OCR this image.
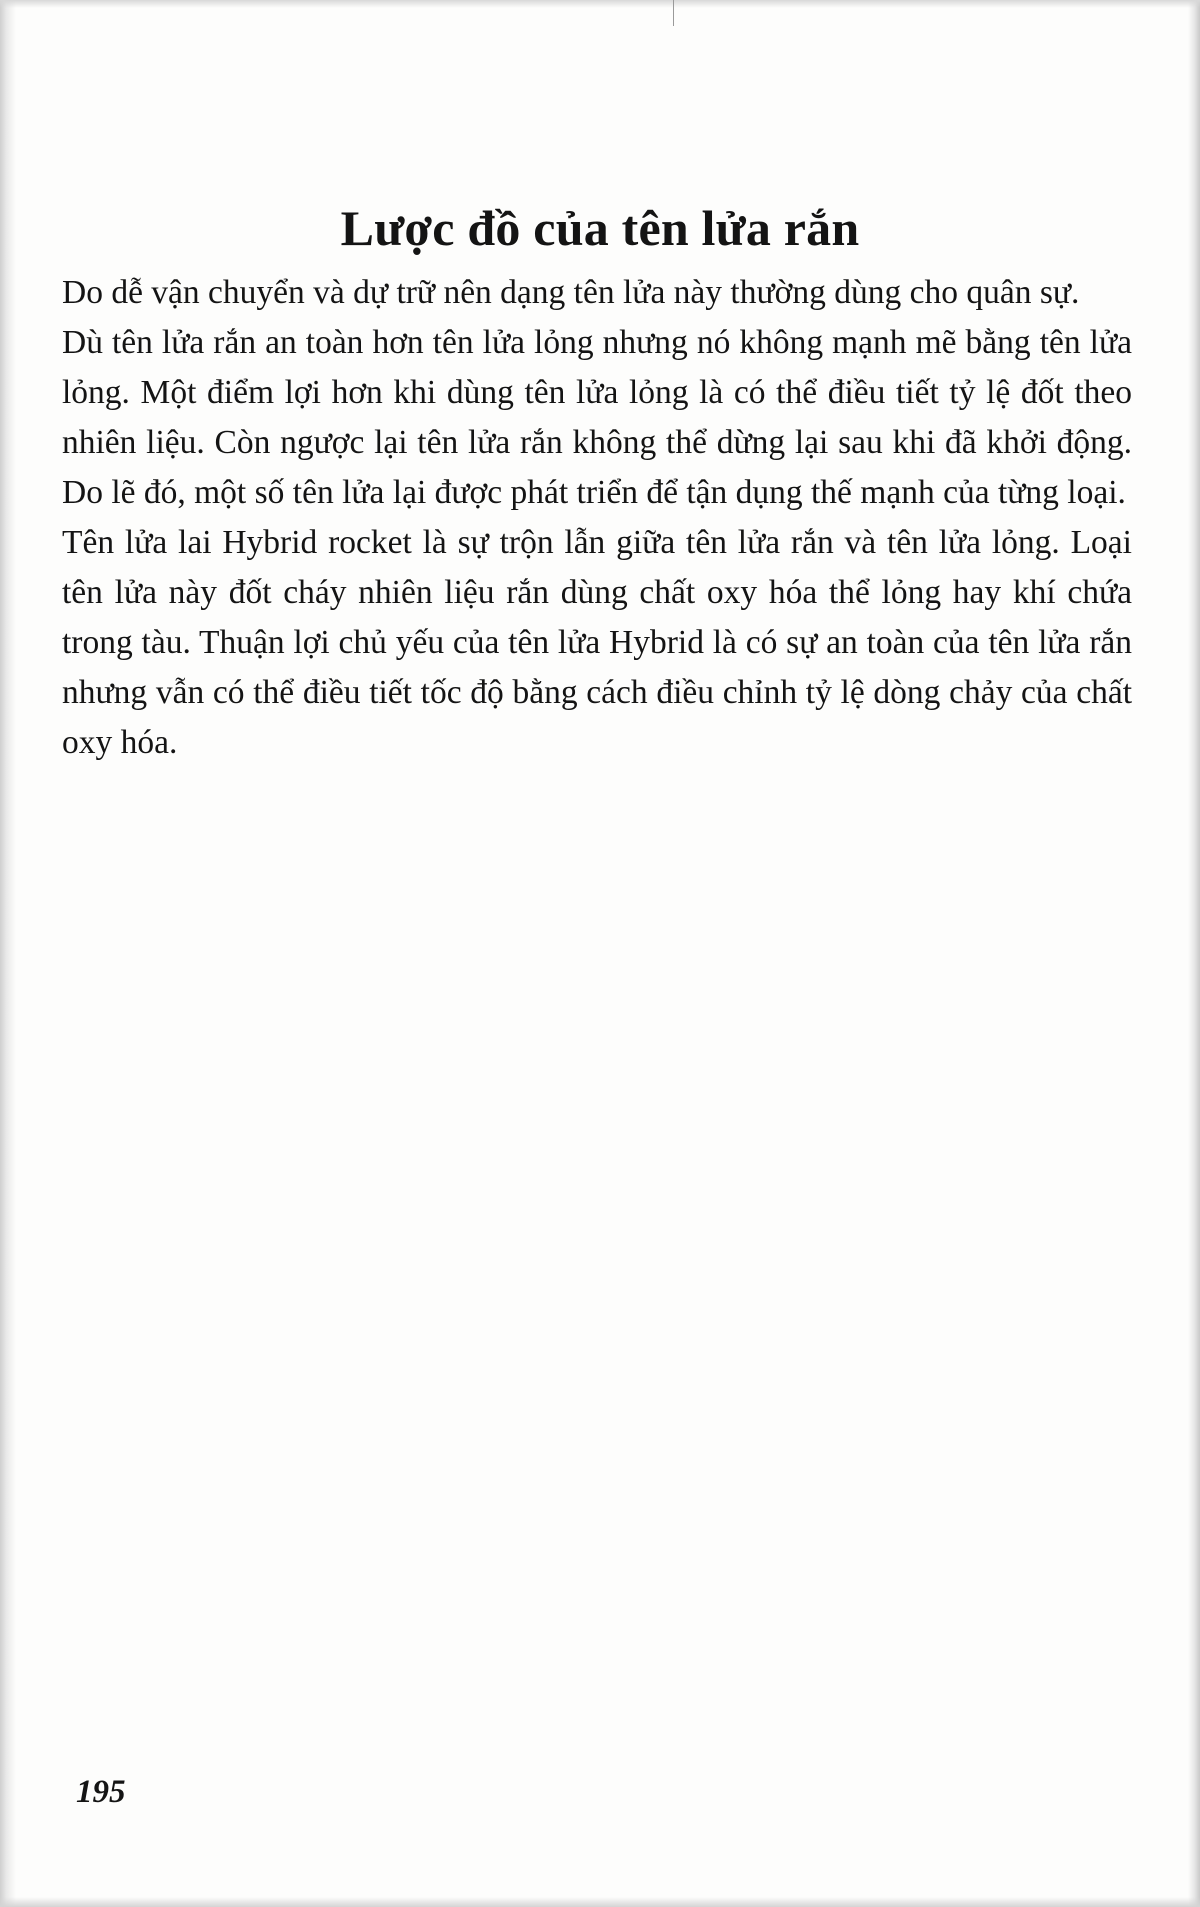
Lược đồ của tên lửa rắn

Do dễ vận chuyển và dự trữ nên dạng tên lửa này thường dùng cho quân sự.

Dù tên lửa rắn an toàn hơn tên lửa lỏng nhưng nó không mạnh mẽ bằng tên lửa lỏng. Một điểm lợi hơn khi dùng tên lửa lỏng là có thể điều tiết tỷ lệ đốt theo nhiên liệu. Còn ngược lại tên lửa rắn không thể dừng lại sau khi đã khởi động. Do lẽ đó, một số tên lửa lại được phát triển để tận dụng thế mạnh của từng loại.

Tên lửa lai Hybrid rocket là sự trộn lẫn giữa tên lửa rắn và tên lửa lỏng. Loại tên lửa này đốt cháy nhiên liệu rắn dùng chất oxy hóa thể lỏng hay khí chứa trong tàu. Thuận lợi chủ yếu của tên lửa Hybrid là có sự an toàn của tên lửa rắn nhưng vẫn có thể điều tiết tốc độ bằng cách điều chỉnh tỷ lệ dòng chảy của chất oxy hóa.

195
